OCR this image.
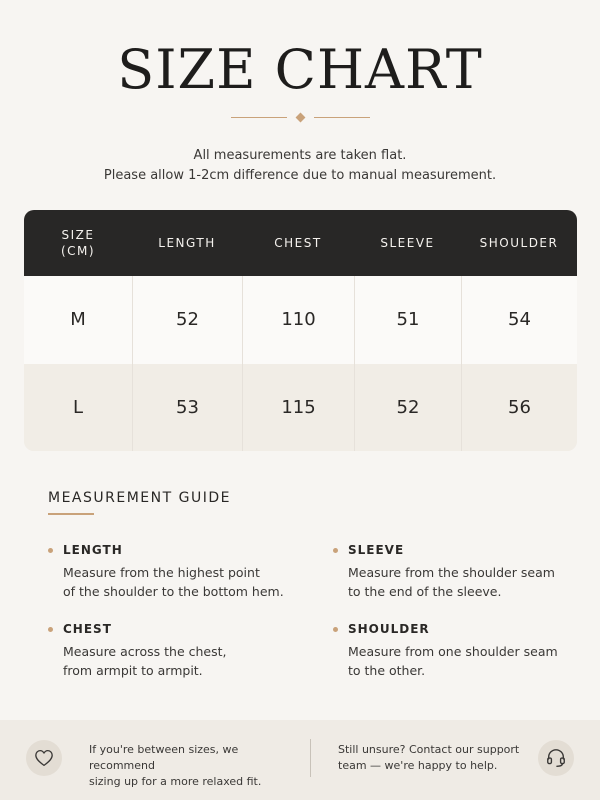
SIZE CHART
All measurements are taken flat.
Please allow 1-2cm difference due to manual measurement.
SIZE
(CM)
LENGTH	CHEST	SLEEVE	SHOULDER
M	52	110	51	54
L	53	115	52	56
MEASUREMENT GUIDE
LENGTH
Measure from the highest point
of the shoulder to the bottom hem.
SLEEVE
Measure from the shoulder seam
to the end of the sleeve.
CHEST
Measure across the chest,
from armpit to armpit.
SHOULDER
Measure from one shoulder seam
to the other.
If you're between sizes, we recommend
sizing up for a more relaxed fit.
Still unsure? Contact our support
team — we're happy to help.
